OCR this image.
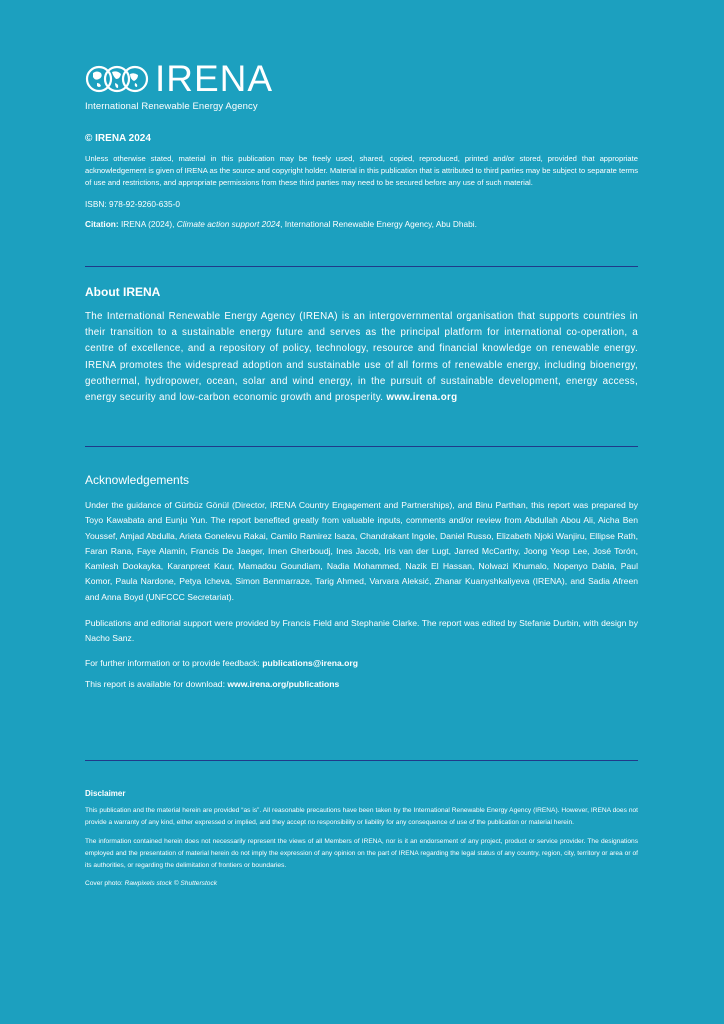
IRENA
International Renewable Energy Agency
© IRENA 2024
Unless otherwise stated, material in this publication may be freely used, shared, copied, reproduced, printed and/or stored, provided that appropriate acknowledgement is given of IRENA as the source and copyright holder. Material in this publication that is attributed to third parties may be subject to separate terms of use and restrictions, and appropriate permissions from these third parties may need to be secured before any use of such material.
ISBN: 978-92-9260-635-0
Citation: IRENA (2024), Climate action support 2024, International Renewable Energy Agency, Abu Dhabi.
About IRENA
The International Renewable Energy Agency (IRENA) is an intergovernmental organisation that supports countries in their transition to a sustainable energy future and serves as the principal platform for international co-operation, a centre of excellence, and a repository of policy, technology, resource and financial knowledge on renewable energy. IRENA promotes the widespread adoption and sustainable use of all forms of renewable energy, including bioenergy, geothermal, hydropower, ocean, solar and wind energy, in the pursuit of sustainable development, energy access, energy security and low-carbon economic growth and prosperity. www.irena.org
Acknowledgements
Under the guidance of Gürbüz Gönül (Director, IRENA Country Engagement and Partnerships), and Binu Parthan, this report was prepared by Toyo Kawabata and Eunju Yun. The report benefited greatly from valuable inputs, comments and/or review from Abdullah Abou Ali, Aicha Ben Youssef, Amjad Abdulla, Arieta Gonelevu Rakai, Camilo Ramirez Isaza, Chandrakant Ingole, Daniel Russo, Elizabeth Njoki Wanjiru, Ellipse Rath, Faran Rana, Faye Alamin, Francis De Jaeger, Imen Gherboudj, Ines Jacob, Iris van der Lugt, Jarred McCarthy, Joong Yeop Lee, José Torón, Kamlesh Dookayka, Karanpreet Kaur, Mamadou Goundiam, Nadia Mohammed, Nazik El Hassan, Nolwazi Khumalo, Nopenyo Dabla, Paul Komor, Paula Nardone, Petya Icheva, Simon Benmarraze, Tarig Ahmed, Varvara Aleksić, Zhanar Kuanyshkaliyeva (IRENA), and Sadia Afreen and Anna Boyd (UNFCCC Secretariat).
Publications and editorial support were provided by Francis Field and Stephanie Clarke. The report was edited by Stefanie Durbin, with design by Nacho Sanz.
For further information or to provide feedback: publications@irena.org
This report is available for download: www.irena.org/publications
Disclaimer
This publication and the material herein are provided “as is”. All reasonable precautions have been taken by the International Renewable Energy Agency (IRENA). However, IRENA does not provide a warranty of any kind, either expressed or implied, and they accept no responsibility or liability for any consequence of use of the publication or material herein.
The information contained herein does not necessarily represent the views of all Members of IRENA, nor is it an endorsement of any project, product or service provider. The designations employed and the presentation of material herein do not imply the expression of any opinion on the part of IRENA regarding the legal status of any country, region, city, territory or area or of its authorities, or regarding the delimitation of frontiers or boundaries.
Cover photo: Rawpixels stock © Shutterstock
